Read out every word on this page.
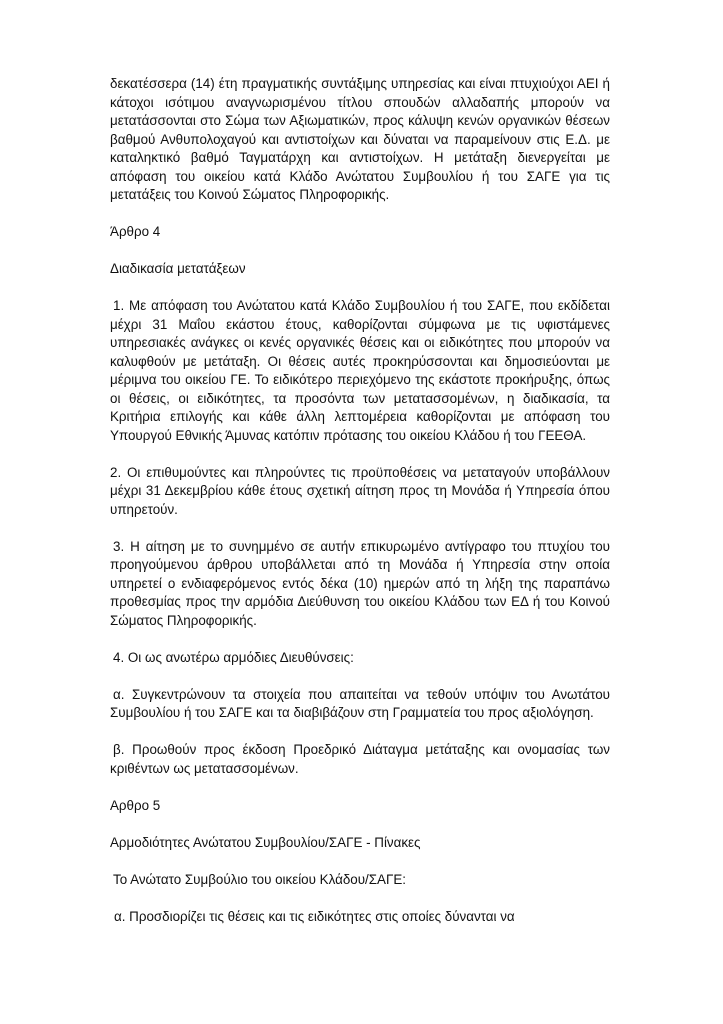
δεκατέσσερα (14) έτη πραγματικής συντάξιμης υπηρεσίας και είναι πτυχιούχοι ΑΕΙ ή κάτοχοι ισότιμου αναγνωρισμένου τίτλου σπουδών αλλαδαπής μπορούν να μετατάσσονται στο Σώμα των Αξιωματικών, προς κάλυψη κενών οργανικών θέσεων βαθμού Ανθυπολοχαγού και αντιστοίχων και δύναται να παραμείνουν στις Ε.Δ. με καταληκτικό βαθμό Ταγματάρχη και αντιστοίχων. Η μετάταξη διενεργείται με απόφαση του οικείου κατά Κλάδο Ανώτατου Συμβουλίου ή του ΣΑΓΕ για τις μετατάξεις του Κοινού Σώματος Πληροφορικής.

Άρθρο 4

Διαδικασία μετατάξεων

1. Με απόφαση του Ανώτατου κατά Κλάδο Συμβουλίου ή του ΣΑΓΕ, που εκδίδεται μέχρι 31 Μαΐου εκάστου έτους, καθορίζονται σύμφωνα με τις υφιστάμενες υπηρεσιακές ανάγκες οι κενές οργανικές θέσεις και οι ειδικότητες που μπορούν να καλυφθούν με μετάταξη. Οι θέσεις αυτές προκηρύσσονται και δημοσιεύονται με μέριμνα του οικείου ΓΕ. Το ειδικότερο περιεχόμενο της εκάστοτε προκήρυξης, όπως οι θέσεις, οι ειδικότητες, τα προσόντα των μετατασσομένων, η διαδικασία, τα Κριτήρια επιλογής και κάθε άλλη λεπτομέρεια καθορίζονται με απόφαση του Υπουργού Εθνικής Άμυνας κατόπιν πρότασης του οικείου Κλάδου ή του ΓΕΕΘΑ.

2. Οι επιθυμούντες και πληρούντες τις προϋποθέσεις να μεταταγούν υποβάλλουν μέχρι 31 Δεκεμβρίου κάθε έτους σχετική αίτηση προς τη Μονάδα ή Υπηρεσία όπου υπηρετούν.

3. Η αίτηση με το συνημμένο σε αυτήν επικυρωμένο αντίγραφο του πτυχίου του προηγούμενου άρθρου υποβάλλεται από τη Μονάδα ή Υπηρεσία στην οποία υπηρετεί ο ενδιαφερόμενος εντός δέκα (10) ημερών από τη λήξη της παραπάνω προθεσμίας προς την αρμόδια Διεύθυνση του οικείου Κλάδου των ΕΔ ή του Κοινού Σώματος Πληροφορικής.

4. Οι ως ανωτέρω αρμόδιες Διευθύνσεις:

α. Συγκεντρώνουν τα στοιχεία που απαιτείται να τεθούν υπόψιν του Ανωτάτου Συμβουλίου ή του ΣΑΓΕ και τα διαβιβάζουν στη Γραμματεία του προς αξιολόγηση.

β. Προωθούν προς έκδοση Προεδρικό Διάταγμα μετάταξης και ονομασίας των κριθέντων ως μετατασσομένων.

Αρθρο 5

Αρμοδιότητες Ανώτατου Συμβουλίου/ΣΑΓΕ - Πίνακες

Το Ανώτατο Συμβούλιο του οικείου Κλάδου/ΣΑΓΕ:

α. Προσδιορίζει τις θέσεις και τις ειδικότητες στις οποίες δύνανται να
